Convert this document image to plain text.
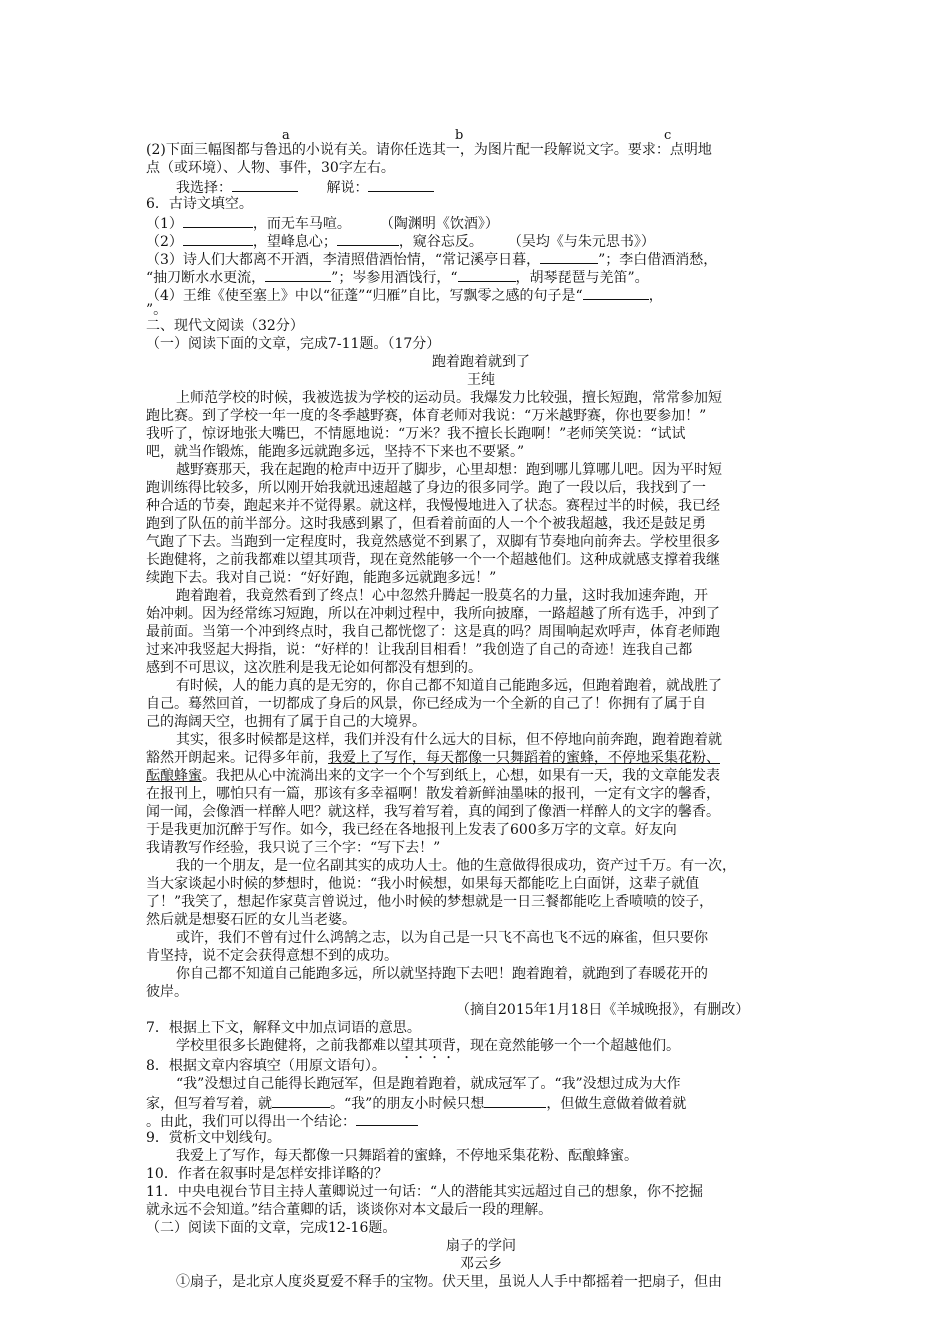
a	b	c
(2)下面三幅图都与鲁迅的小说有关。请你任选其一，为图片配一段解说文字。要求：点明地
点（或环境）、人物、事件，30字左右。
我选择：	解说：
6．古诗文填空。
（1）	，而无车马喧。	（陶渊明《饮酒》）
（2）	，望峰息心；	，窥谷忘反。 （吴均《与朱元思书》）
（3）诗人们大都离不开酒，李清照借酒怡情，“常记溪亭日暮，	”；李白借酒消愁，
“抽刀断水水更流，	”；岑参用酒饯行，“	，胡琴琵琶与羌笛”。
（4）王维《使至塞上》中以“征蓬”“归雁”自比，写飘零之感的句子是“	，
”。
二、现代文阅读（32分）
（一）阅读下面的文章，完成7-11题。（17分）
跑着跑着就到了
王纯
上师范学校的时候，我被选拔为学校的运动员。我爆发力比较强，擅长短跑，常常参加短
跑比赛。到了学校一年一度的冬季越野赛，体育老师对我说：“万米越野赛，你也要参加！”
我听了，惊讶地张大嘴巴，不情愿地说：“万米？我不擅长长跑啊！”老师笑笑说：“试试
吧，就当作锻炼，能跑多远就跑多远，坚持不下来也不要紧。”
越野赛那天，我在起跑的枪声中迈开了脚步，心里却想：跑到哪儿算哪儿吧。因为平时短
跑训练得比较多，所以刚开始我就迅速超越了身边的很多同学。跑了一段以后，我找到了一
种合适的节奏，跑起来并不觉得累。就这样，我慢慢地进入了状态。赛程过半的时候，我已经
跑到了队伍的前半部分。这时我感到累了，但看着前面的人一个个被我超越，我还是鼓足勇
气跑了下去。当跑到一定程度时，我竟然感觉不到累了，双脚有节奏地向前奔去。学校里很多
长跑健将，之前我都难以望其项背，现在竟然能够一个一个超越他们。这种成就感支撑着我继
续跑下去。我对自己说：“好好跑，能跑多远就跑多远！”
跑着跑着，我竟然看到了终点！心中忽然升腾起一股莫名的力量，这时我加速奔跑，开
始冲刺。因为经常练习短跑，所以在冲刺过程中，我所向披靡，一路超越了所有选手，冲到了
最前面。当第一个冲到终点时，我自己都恍惚了：这是真的吗？周围响起欢呼声，体育老师跑
过来冲我竖起大拇指，说：“好样的！让我刮目相看！”我创造了自己的奇迹！连我自己都
感到不可思议，这次胜利是我无论如何都没有想到的。
有时候，人的能力真的是无穷的，你自己都不知道自己能跑多远，但跑着跑着，就战胜了
自己。蓦然回首，一切都成了身后的风景，你已经成为一个全新的自己了！你拥有了属于自
己的海阔天空，也拥有了属于自己的大境界。
其实，很多时候都是这样，我们并没有什么远大的目标，但不停地向前奔跑，跑着跑着就
豁然开朗起来。记得多年前，我爱上了写作，每天都像一只舞蹈着的蜜蜂，不停地采集花粉、
酝酿蜂蜜。我把从心中流淌出来的文字一个个写到纸上，心想，如果有一天，我的文章能发表
在报刊上，哪怕只有一篇，那该有多幸福啊！散发着新鲜油墨味的报刊，一定有文字的馨香，
闻一闻，会像酒一样醉人吧？就这样，我写着写着，真的闻到了像酒一样醉人的文字的馨香。
于是我更加沉醉于写作。如今，我已经在各地报刊上发表了600多万字的文章。好友向
我请教写作经验，我只说了三个字：“写下去！”
我的一个朋友，是一位名副其实的成功人士。他的生意做得很成功，资产过千万。有一次，
当大家谈起小时候的梦想时，他说：“我小时候想，如果每天都能吃上白面饼，这辈子就值
了！”我笑了，想起作家莫言曾说过，他小时候的梦想就是一日三餐都能吃上香喷喷的饺子，
然后就是想娶石匠的女儿当老婆。
或许，我们不曾有过什么鸿鹄之志，以为自己是一只飞不高也飞不远的麻雀，但只要你
肯坚持，说不定会获得意想不到的成功。
你自己都不知道自己能跑多远，所以就坚持跑下去吧！跑着跑着，就跑到了春暖花开的
彼岸。
（摘自2015年1月18日《羊城晚报》，有删改）
7．根据上下文，解释文中加点词语的意思。
学校里很多长跑健将，之前我都难以望其项背，现在竟然能够一个一个超越他们。
8．根据文章内容填空（用原文语句）。
“我”没想过自己能得长跑冠军，但是跑着跑着，就成冠军了。“我”没想过成为大作
家，但写着写着，就	。“我”的朋友小时候只想	，但做生意做着做着就
。由此，我们可以得出一个结论：
9．赏析文中划线句。
我爱上了写作，每天都像一只舞蹈着的蜜蜂，不停地采集花粉、酝酿蜂蜜。
10．作者在叙事时是怎样安排详略的？
11．中央电视台节目主持人董卿说过一句话：“人的潜能其实远超过自己的想象，你不挖掘
就永远不会知道。”结合董卿的话，谈谈你对本文最后一段的理解。
（二）阅读下面的文章，完成12-16题。
扇子的学问
邓云乡
①扇子，是北京人度炎夏爱不释手的宝物。伏天里，虽说人人手中都摇着一把扇子，但由
